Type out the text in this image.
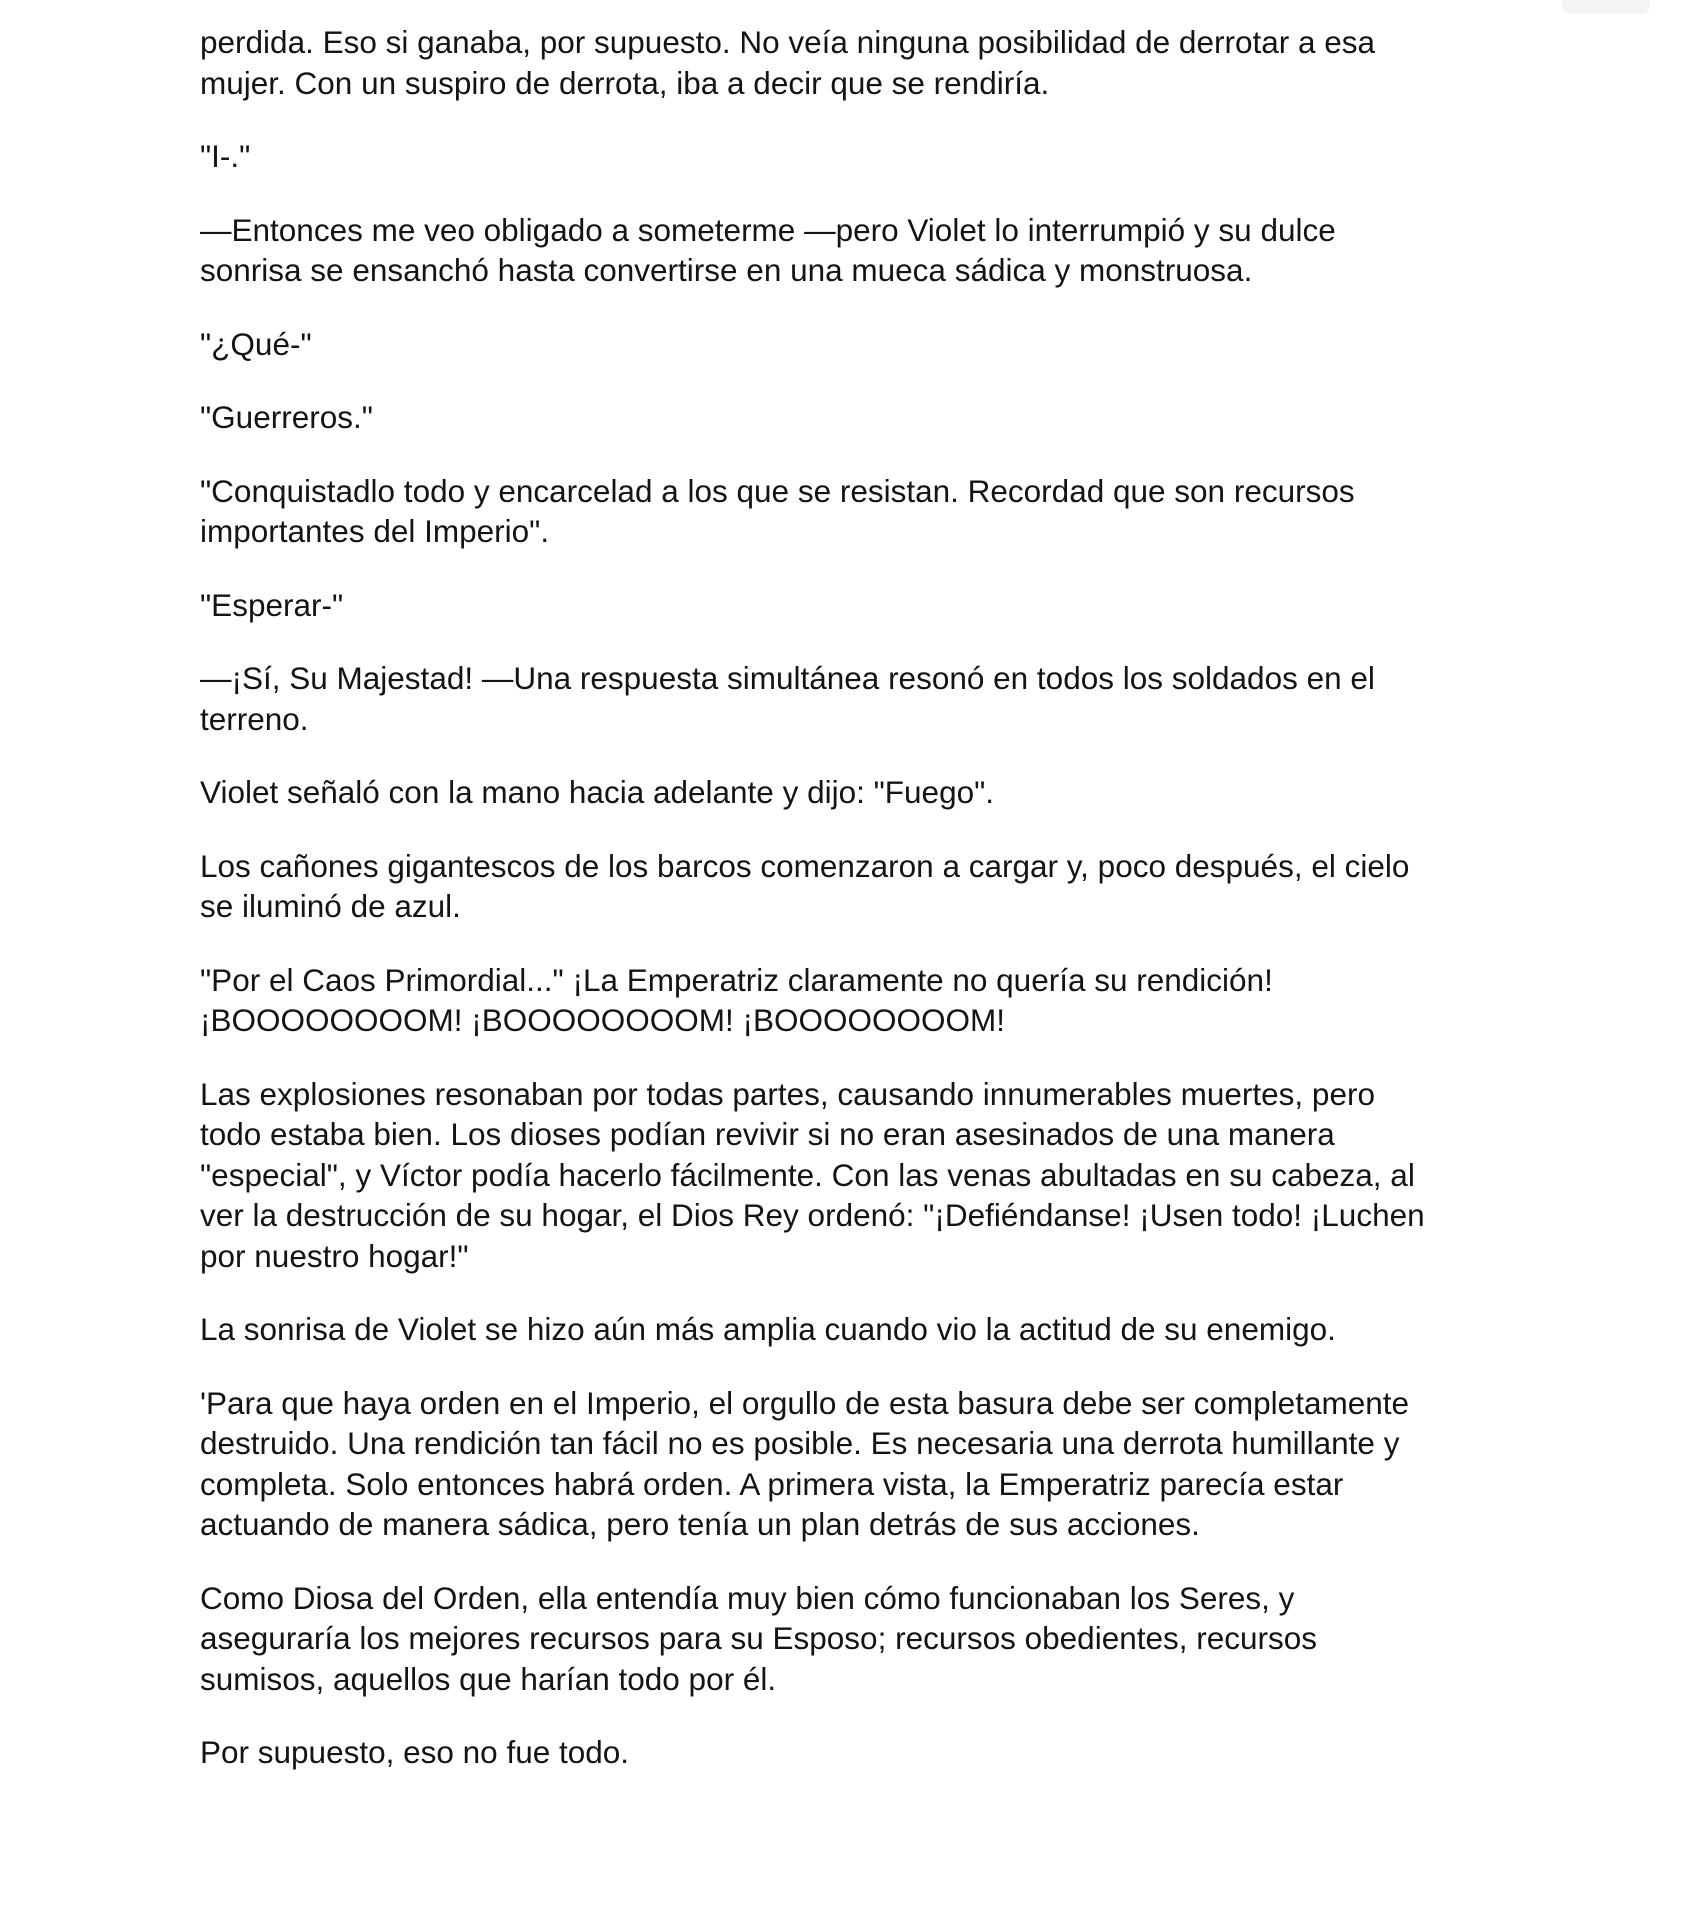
perdida. Eso si ganaba, por supuesto. No veía ninguna posibilidad de derrotar a esa
mujer. Con un suspiro de derrota, iba a decir que se rendiría.

"I-."

—Entonces me veo obligado a someterme —pero Violet lo interrumpió y su dulce
sonrisa se ensanchó hasta convertirse en una mueca sádica y monstruosa.

"¿Qué-"

"Guerreros."

"Conquistadlo todo y encarcelad a los que se resistan. Recordad que son recursos
importantes del Imperio".

"Esperar-"

—¡Sí, Su Majestad! —Una respuesta simultánea resonó en todos los soldados en el
terreno.

Violet señaló con la mano hacia adelante y dijo: "Fuego".

Los cañones gigantescos de los barcos comenzaron a cargar y, poco después, el cielo
se iluminó de azul.

"Por el Caos Primordial..." ¡La Emperatriz claramente no quería su rendición!
¡BOOOOOOOOM! ¡BOOOOOOOOM! ¡BOOOOOOOOM!

Las explosiones resonaban por todas partes, causando innumerables muertes, pero
todo estaba bien. Los dioses podían revivir si no eran asesinados de una manera
"especial", y Víctor podía hacerlo fácilmente. Con las venas abultadas en su cabeza, al
ver la destrucción de su hogar, el Dios Rey ordenó: "¡Defiéndanse! ¡Usen todo! ¡Luchen
por nuestro hogar!"

La sonrisa de Violet se hizo aún más amplia cuando vio la actitud de su enemigo.

'Para que haya orden en el Imperio, el orgullo de esta basura debe ser completamente
destruido. Una rendición tan fácil no es posible. Es necesaria una derrota humillante y
completa. Solo entonces habrá orden. A primera vista, la Emperatriz parecía estar
actuando de manera sádica, pero tenía un plan detrás de sus acciones.

Como Diosa del Orden, ella entendía muy bien cómo funcionaban los Seres, y
aseguraría los mejores recursos para su Esposo; recursos obedientes, recursos
sumisos, aquellos que harían todo por él.

Por supuesto, eso no fue todo.
